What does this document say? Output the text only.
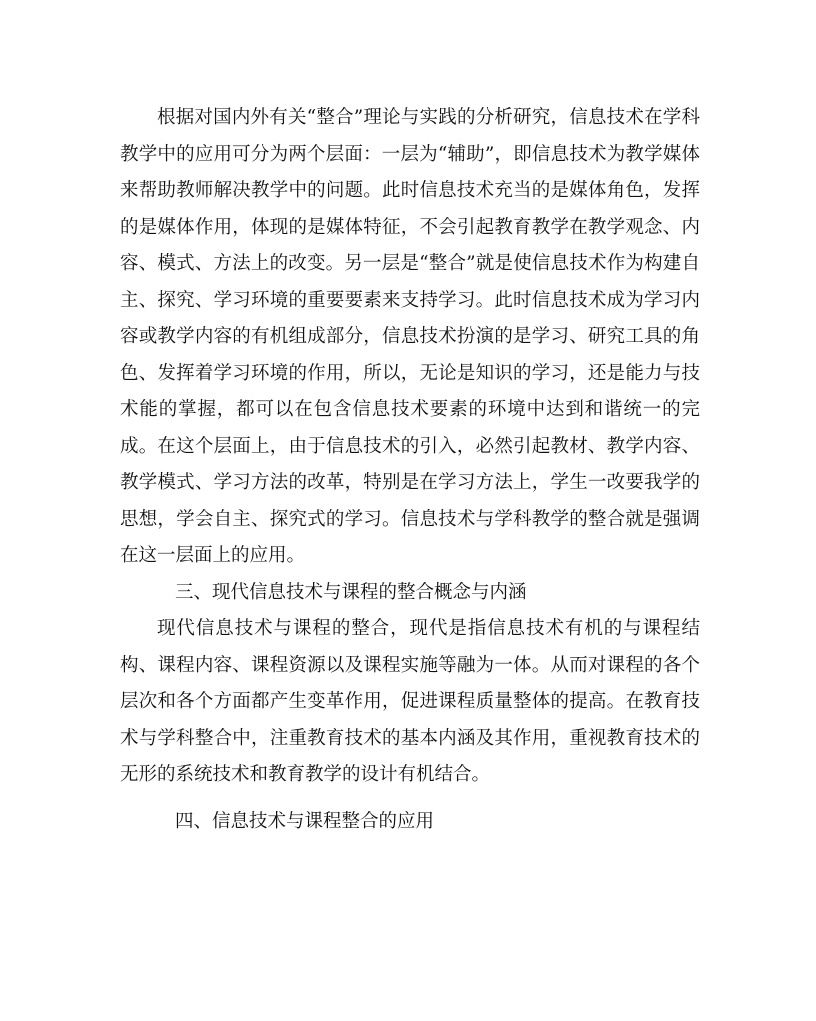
根据对国内外有关“整合”理论与实践的分析研究，信息技术在学科教学中的应用可分为两个层面：一层为“辅助”，即信息技术为教学媒体来帮助教师解决教学中的问题。此时信息技术充当的是媒体角色，发挥的是媒体作用，体现的是媒体特征，不会引起教育教学在教学观念、内容、模式、方法上的改变。另一层是“整合”就是使信息技术作为构建自主、探究、学习环境的重要要素来支持学习。此时信息技术成为学习内容或教学内容的有机组成部分，信息技术扮演的是学习、研究工具的角色、发挥着学习环境的作用，所以，无论是知识的学习，还是能力与技术能的掌握，都可以在包含信息技术要素的环境中达到和谐统一的完成。在这个层面上，由于信息技术的引入，必然引起教材、教学内容、教学模式、学习方法的改革，特别是在学习方法上，学生一改要我学的思想，学会自主、探究式的学习。信息技术与学科教学的整合就是强调在这一层面上的应用。

三、现代信息技术与课程的整合概念与内涵

现代信息技术与课程的整合，现代是指信息技术有机的与课程结构、课程内容、课程资源以及课程实施等融为一体。从而对课程的各个层次和各个方面都产生变革作用，促进课程质量整体的提高。在教育技术与学科整合中，注重教育技术的基本内涵及其作用，重视教育技术的无形的系统技术和教育教学的设计有机结合。

四、信息技术与课程整合的应用
